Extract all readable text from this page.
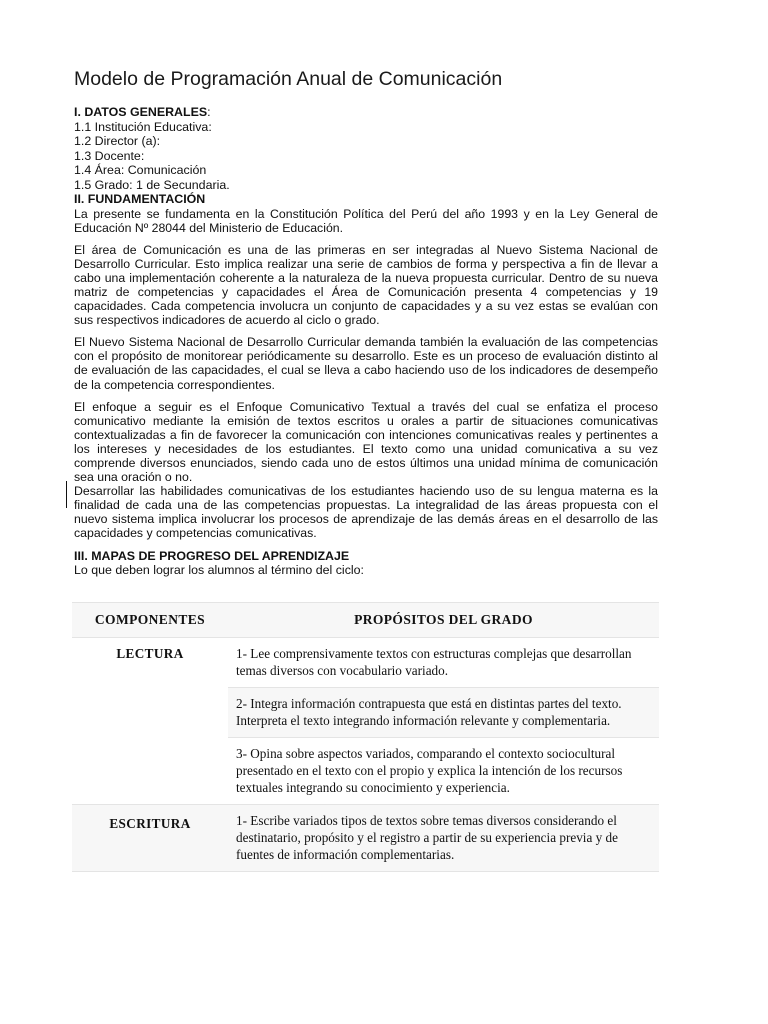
Modelo de Programación Anual de Comunicación
I. DATOS GENERALES:
1.1 Institución Educativa:
1.2 Director (a):
1.3 Docente:
1.4 Área: Comunicación
1.5 Grado: 1 de Secundaria.
II. FUNDAMENTACIÓN

La presente se fundamenta en la Constitución Política del Perú del año 1993 y en la Ley General de Educación Nº 28044 del Ministerio de Educación.

El área de Comunicación es una de las primeras en ser integradas al Nuevo Sistema Nacional de Desarrollo Curricular. Esto implica realizar una serie de cambios de forma y perspectiva a fin de llevar a cabo una implementación coherente a la naturaleza de la nueva propuesta curricular. Dentro de su nueva matriz de competencias y capacidades el Área de Comunicación presenta 4 competencias y 19 capacidades. Cada competencia involucra un conjunto de capacidades y a su vez estas se evalúan con sus respectivos indicadores de acuerdo al ciclo o grado.

El Nuevo Sistema Nacional de Desarrollo Curricular demanda también la evaluación de las competencias con el propósito de monitorear periódicamente su desarrollo. Este es un proceso de evaluación distinto al de evaluación de las capacidades, el cual se lleva a cabo haciendo uso de los indicadores de desempeño de la competencia correspondientes.

El enfoque a seguir es el Enfoque Comunicativo Textual a través del cual se enfatiza el proceso comunicativo mediante la emisión de textos escritos u orales a partir de situaciones comunicativas contextualizadas a fin de favorecer la comunicación con intenciones comunicativas reales y pertinentes a los intereses y necesidades de los estudiantes. El texto como una unidad comunicativa a su vez comprende diversos enunciados, siendo cada uno de estos últimos una unidad mínima de comunicación sea una oración o no.

Desarrollar las habilidades comunicativas de los estudiantes haciendo uso de su lengua materna es la finalidad de cada una de las competencias propuestas. La integralidad de las áreas propuesta con el nuevo sistema implica involucrar los procesos de aprendizaje de las demás áreas en el desarrollo de las capacidades y competencias comunicativas.

III. MAPAS DE PROGRESO DEL APRENDIZAJE
Lo que deben lograr los alumnos al término del ciclo:
COMPONENTES	PROPÓSITOS DEL GRADO
LECTURA	1- Lee comprensivamente textos con estructuras complejas que desarrollan temas diversos con vocabulario variado.
	2- Integra información contrapuesta que está en distintas partes del texto. Interpreta el texto integrando información relevante y complementaria.
	3- Opina sobre aspectos variados, comparando el contexto sociocultural presentado en el texto con el propio y explica la intención de los recursos textuales integrando su conocimiento y experiencia.
ESCRITURA	1- Escribe variados tipos de textos sobre temas diversos considerando el destinatario, propósito y el registro a partir de su experiencia previa y de fuentes de información complementarias.
